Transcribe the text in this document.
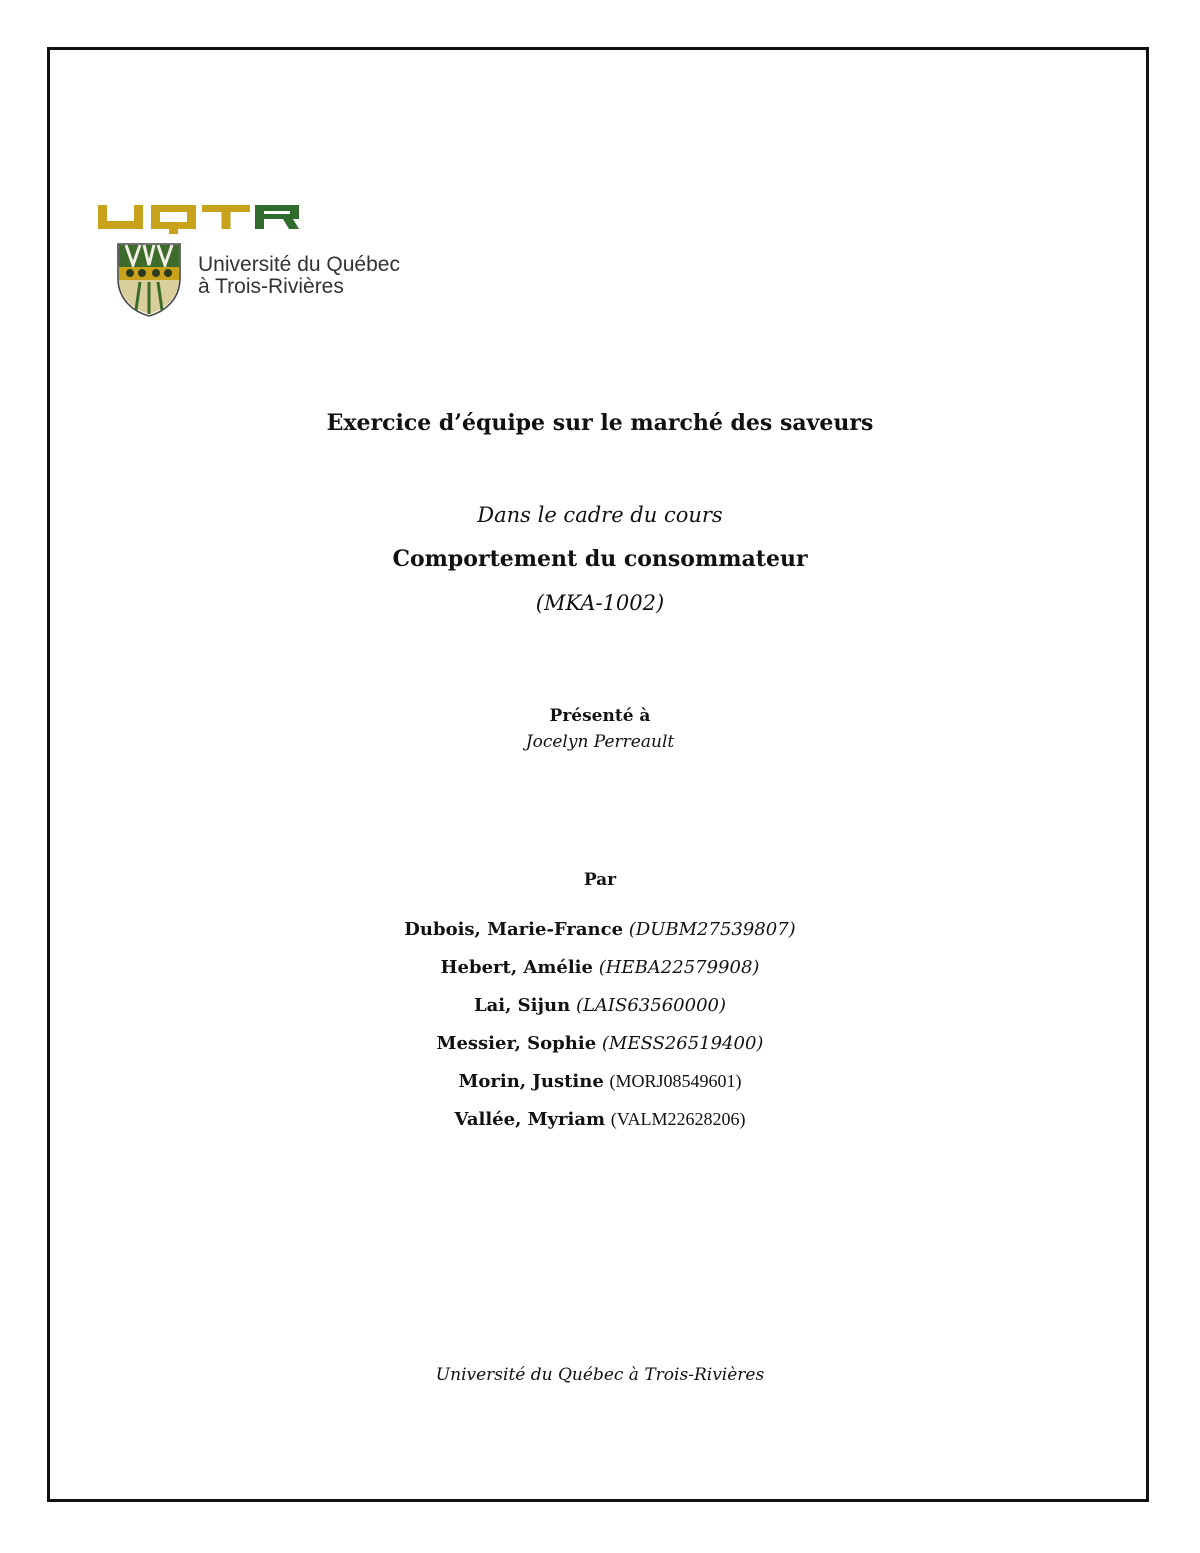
Université du Québec
à Trois-Rivières
Exercice d’équipe sur le marché des saveurs
Dans le cadre du cours
Comportement du consommateur
(MKA-1002)
Présenté à
Jocelyn Perreault
Par
Dubois, Marie-France (DUBM27539807)
Hebert, Amélie (HEBA22579908)
Lai, Sijun (LAIS63560000)
Messier, Sophie (MESS26519400)
Morin, Justine (MORJ08549601)
Vallée, Myriam (VALM22628206)
Université du Québec à Trois-Rivières
